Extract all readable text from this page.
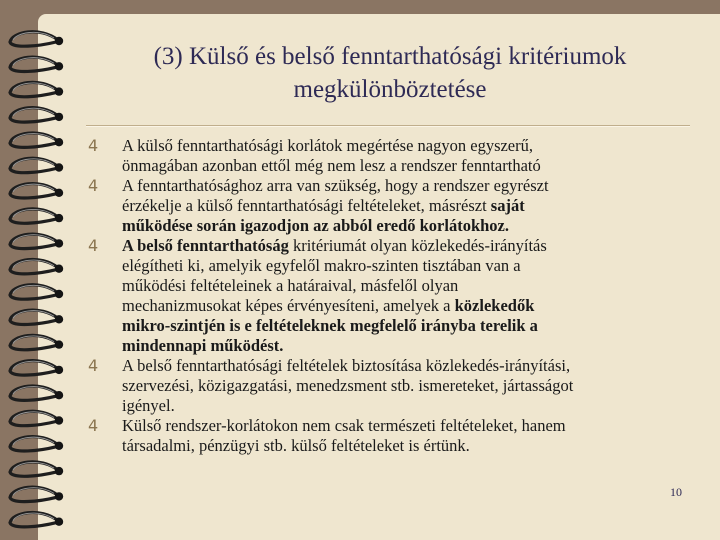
(3) Külső és belső fenntarthatósági kritériumok
megkülönböztetése
4 A külső fenntarthatósági korlátok megértése nagyon egyszerű,
önmagában azonban ettől még nem lesz a rendszer fenntartható
4 A fenntarthatósághoz arra van szükség, hogy a rendszer egyrészt
érzékelje a külső fenntarthatósági feltételeket, másrészt saját
működése során igazodjon az abból eredő korlátokhoz.
4 A belső fenntarthatóság kritériumát olyan közlekedés-irányítás
elégítheti ki, amelyik egyfelől makro-szinten tisztában van a
működési feltételeinek a határaival, másfelől olyan
mechanizmusokat képes érvényesíteni, amelyek a közlekedők
mikro-szintjén is e feltételeknek megfelelő irányba terelik a
mindennapi működést.
4 A belső fenntarthatósági feltételek biztosítása közlekedés-irányítási,
szervezési, közigazgatási, menedzsment stb. ismereteket, jártasságot
igényel.
4 Külső rendszer-korlátokon nem csak természeti feltételeket, hanem
társadalmi, pénzügyi stb. külső feltételeket is értünk.
10
